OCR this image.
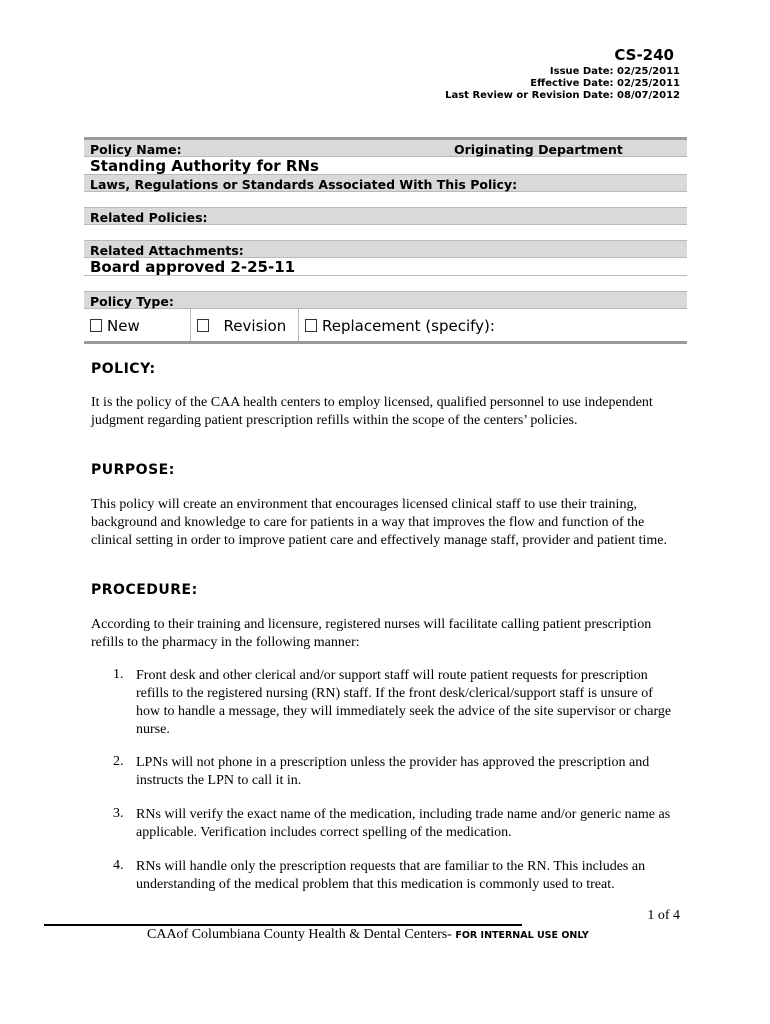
CS-240
Issue Date: 02/25/2011
Effective Date: 02/25/2011
Last Review or Revision Date: 08/07/2012
Policy Name:	Originating Department
Standing Authority for RNs
Laws, Regulations or Standards Associated With This Policy:
Related Policies:
Related Attachments:
Board approved 2-25-11
Policy Type:
New	Revision	Replacement (specify):
POLICY:
It is the policy of the CAA health centers to employ licensed, qualified personnel to use independent judgment regarding patient prescription refills within the scope of the centers’ policies.
PURPOSE:
This policy will create an environment that encourages licensed clinical staff to use their training, background and knowledge to care for patients in a way that improves the flow and function of the clinical setting in order to improve patient care and effectively manage staff, provider and patient time.
PROCEDURE:
According to their training and licensure, registered nurses will facilitate calling patient prescription refills to the pharmacy in the following manner:
1. Front desk and other clerical and/or support staff will route patient requests for prescription refills to the registered nursing (RN) staff. If the front desk/clerical/support staff is unsure of how to handle a message, they will immediately seek the advice of the site supervisor or charge nurse.
2. LPNs will not phone in a prescription unless the provider has approved the prescription and instructs the LPN to call it in.
3. RNs will verify the exact name of the medication, including trade name and/or generic name as applicable. Verification includes correct spelling of the medication.
4. RNs will handle only the prescription requests that are familiar to the RN. This includes an understanding of the medical problem that this medication is commonly used to treat.
1 of 4
CAAof Columbiana County Health & Dental Centers- FOR INTERNAL USE ONLY
